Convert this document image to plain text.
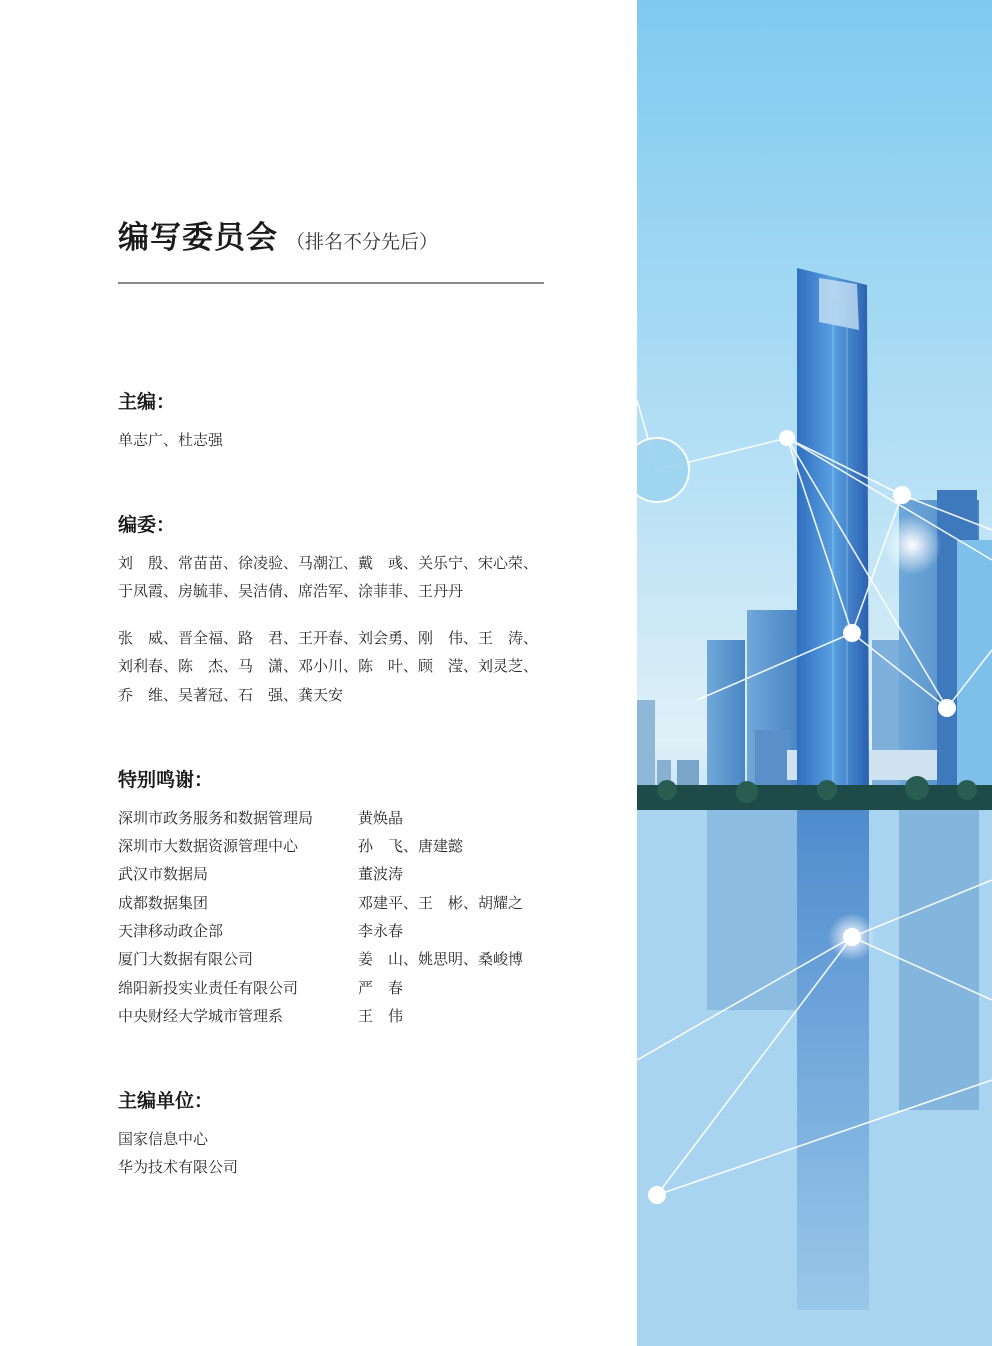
编写委员会 （排名不分先后）
主编：
单志广、杜志强
编委：
刘　殷、常苗苗、徐凌验、马潮江、戴　彧、关乐宁、宋心荣、
于凤霞、房毓菲、吴洁倩、席浩军、涂菲菲、王丹丹
张　威、晋全福、路　君、王开春、刘会勇、刚　伟、王　涛、
刘利春、陈　杰、马　潇、邓小川、陈　叶、顾　滢、刘灵芝、
乔　维、吴著冠、石　强、龚天安
特别鸣谢：
深圳市政务服务和数据管理局	黄焕晶
深圳市大数据资源管理中心	孙　飞、唐建懿
武汉市数据局	董波涛
成都数据集团	邓建平、王　彬、胡耀之
天津移动政企部	李永春
厦门大数据有限公司	姜　山、姚思明、桑峻博
绵阳新投实业责任有限公司	严　春
中央财经大学城市管理系	王　伟
主编单位：
国家信息中心
华为技术有限公司
